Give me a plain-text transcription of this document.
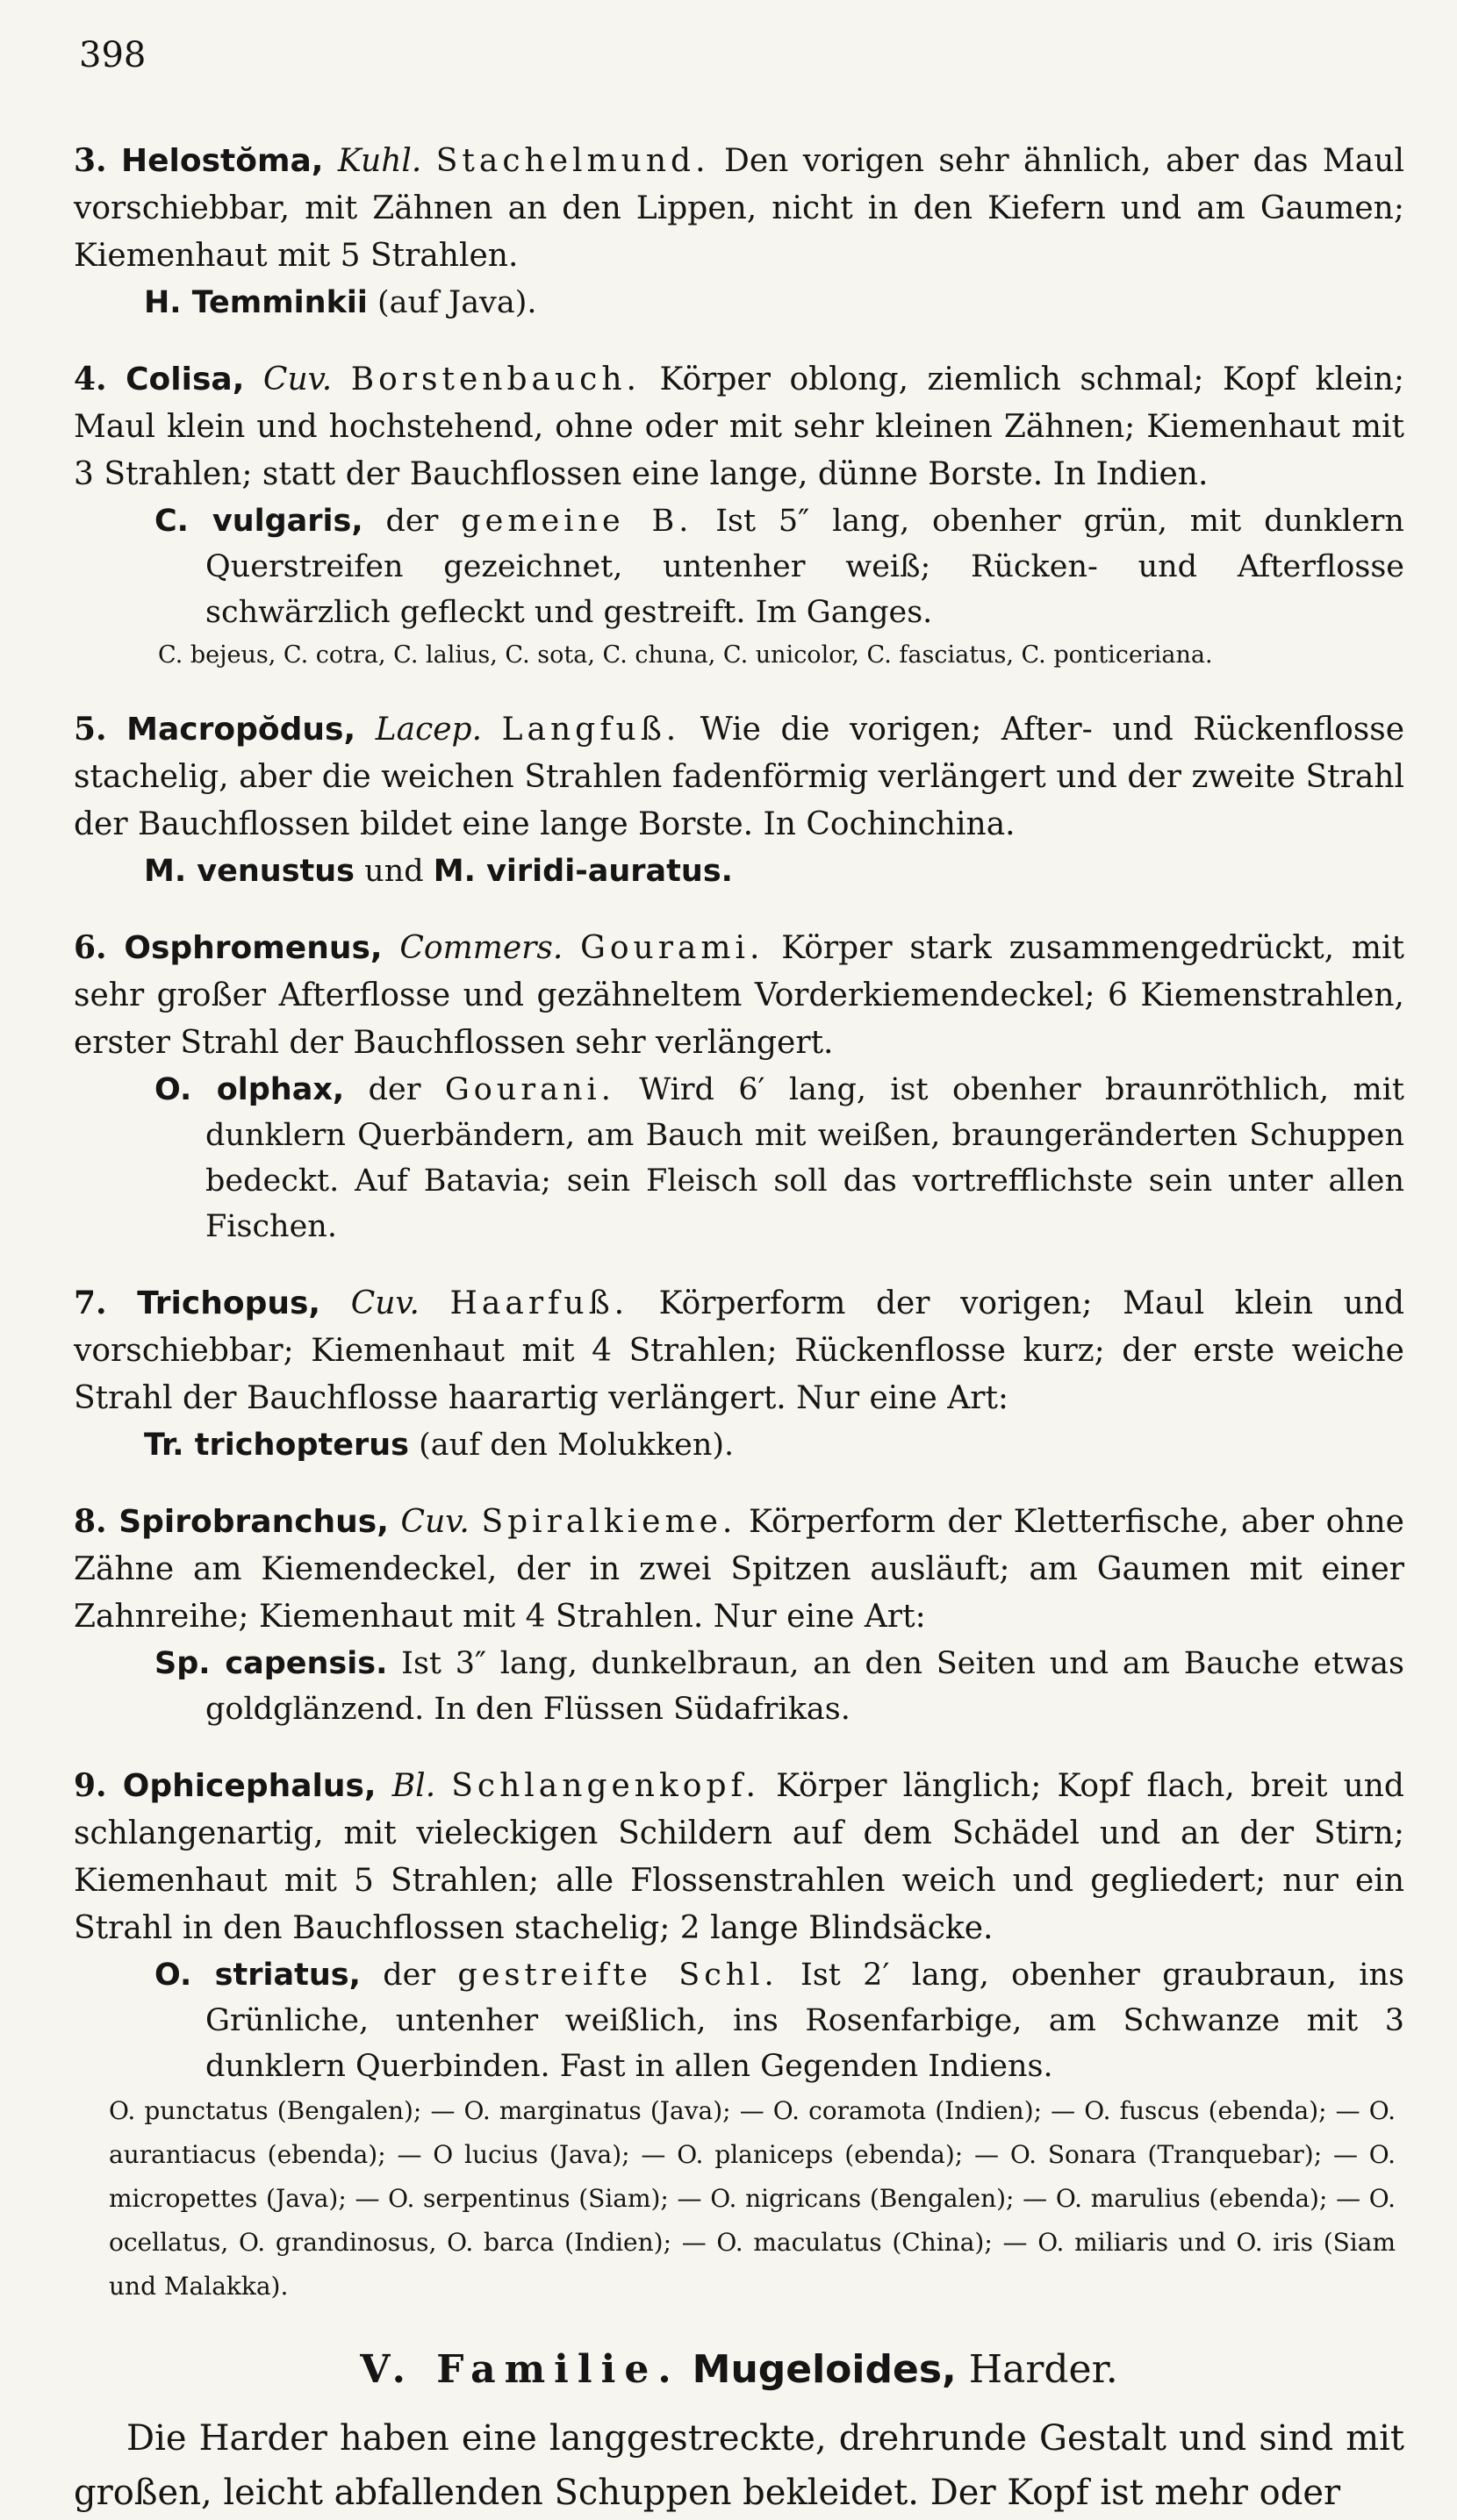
398

3. Helostŏma, Kuhl. Stachelmund. Den vorigen sehr ähnlich, aber das Maul vorschiebbar, mit Zähnen an den Lippen, nicht in den Kiefern und am Gaumen; Kiemenhaut mit 5 Strahlen.

H. Temminkii (auf Java).

4. Colisa, Cuv. Borstenbauch. Körper oblong, ziemlich schmal; Kopf klein; Maul klein und hochstehend, ohne oder mit sehr kleinen Zähnen; Kiemenhaut mit 3 Strahlen; statt der Bauchflossen eine lange, dünne Borste. In Indien.

C. vulgaris, der gemeine B. Ist 5″ lang, obenher grün, mit dunklern Querstreifen gezeichnet, untenher weiß; Rücken- und Afterflosse schwärzlich gefleckt und gestreift. Im Ganges.

C. bejeus, C. cotra, C. lalius, C. sota, C. chuna, C. unicolor, C. fasciatus, C. ponticeriana.

5. Macropŏdus, Lacep. Langfuß. Wie die vorigen; After- und Rückenflosse stachelig, aber die weichen Strahlen fadenförmig verlängert und der zweite Strahl der Bauchflossen bildet eine lange Borste. In Cochinchina.

M. venustus und M. viridi-auratus.

6. Osphromenus, Commers. Gourami. Körper stark zusammengedrückt, mit sehr großer Afterflosse und gezähneltem Vorderkiemendeckel; 6 Kiemenstrahlen, erster Strahl der Bauchflossen sehr verlängert.

O. olphax, der Gourani. Wird 6′ lang, ist obenher braunröthlich, mit dunklern Querbändern, am Bauch mit weißen, braungeränderten Schuppen bedeckt. Auf Batavia; sein Fleisch soll das vortrefflichste sein unter allen Fischen.

7. Trichopus, Cuv. Haarfuß. Körperform der vorigen; Maul klein und vorschiebbar; Kiemenhaut mit 4 Strahlen; Rückenflosse kurz; der erste weiche Strahl der Bauchflosse haarartig verlängert. Nur eine Art:

Tr. trichopterus (auf den Molukken).

8. Spirobranchus, Cuv. Spiralkieme. Körperform der Kletterfische, aber ohne Zähne am Kiemendeckel, der in zwei Spitzen ausläuft; am Gaumen mit einer Zahnreihe; Kiemenhaut mit 4 Strahlen. Nur eine Art:

Sp. capensis. Ist 3″ lang, dunkelbraun, an den Seiten und am Bauche etwas goldglänzend. In den Flüssen Südafrikas.

9. Ophicephalus, Bl. Schlangenkopf. Körper länglich; Kopf flach, breit und schlangenartig, mit vieleckigen Schildern auf dem Schädel und an der Stirn; Kiemenhaut mit 5 Strahlen; alle Flossenstrahlen weich und gegliedert; nur ein Strahl in den Bauchflossen stachelig; 2 lange Blindsäcke.

O. striatus, der gestreifte Schl. Ist 2′ lang, obenher graubraun, ins Grünliche, untenher weißlich, ins Rosenfarbige, am Schwanze mit 3 dunklern Querbinden. Fast in allen Gegenden Indiens.

O. punctatus (Bengalen); — O. marginatus (Java); — O. coramota (Indien); — O. fuscus (ebenda); — O. aurantiacus (ebenda); — O lucius (Java); — O. planiceps (ebenda); — O. Sonara (Tranquebar); — O. micropettes (Java); — O. serpentinus (Siam); — O. nigricans (Bengalen); — O. marulius (ebenda); — O. ocellatus, O. grandinosus, O. barca (Indien); — O. maculatus (China); — O. miliaris und O. iris (Siam und Malakka).

V. Familie. Mugeloides, Harder.

Die Harder haben eine langgestreckte, drehrunde Gestalt und sind mit großen, leicht abfallenden Schuppen bekleidet. Der Kopf ist mehr oder
